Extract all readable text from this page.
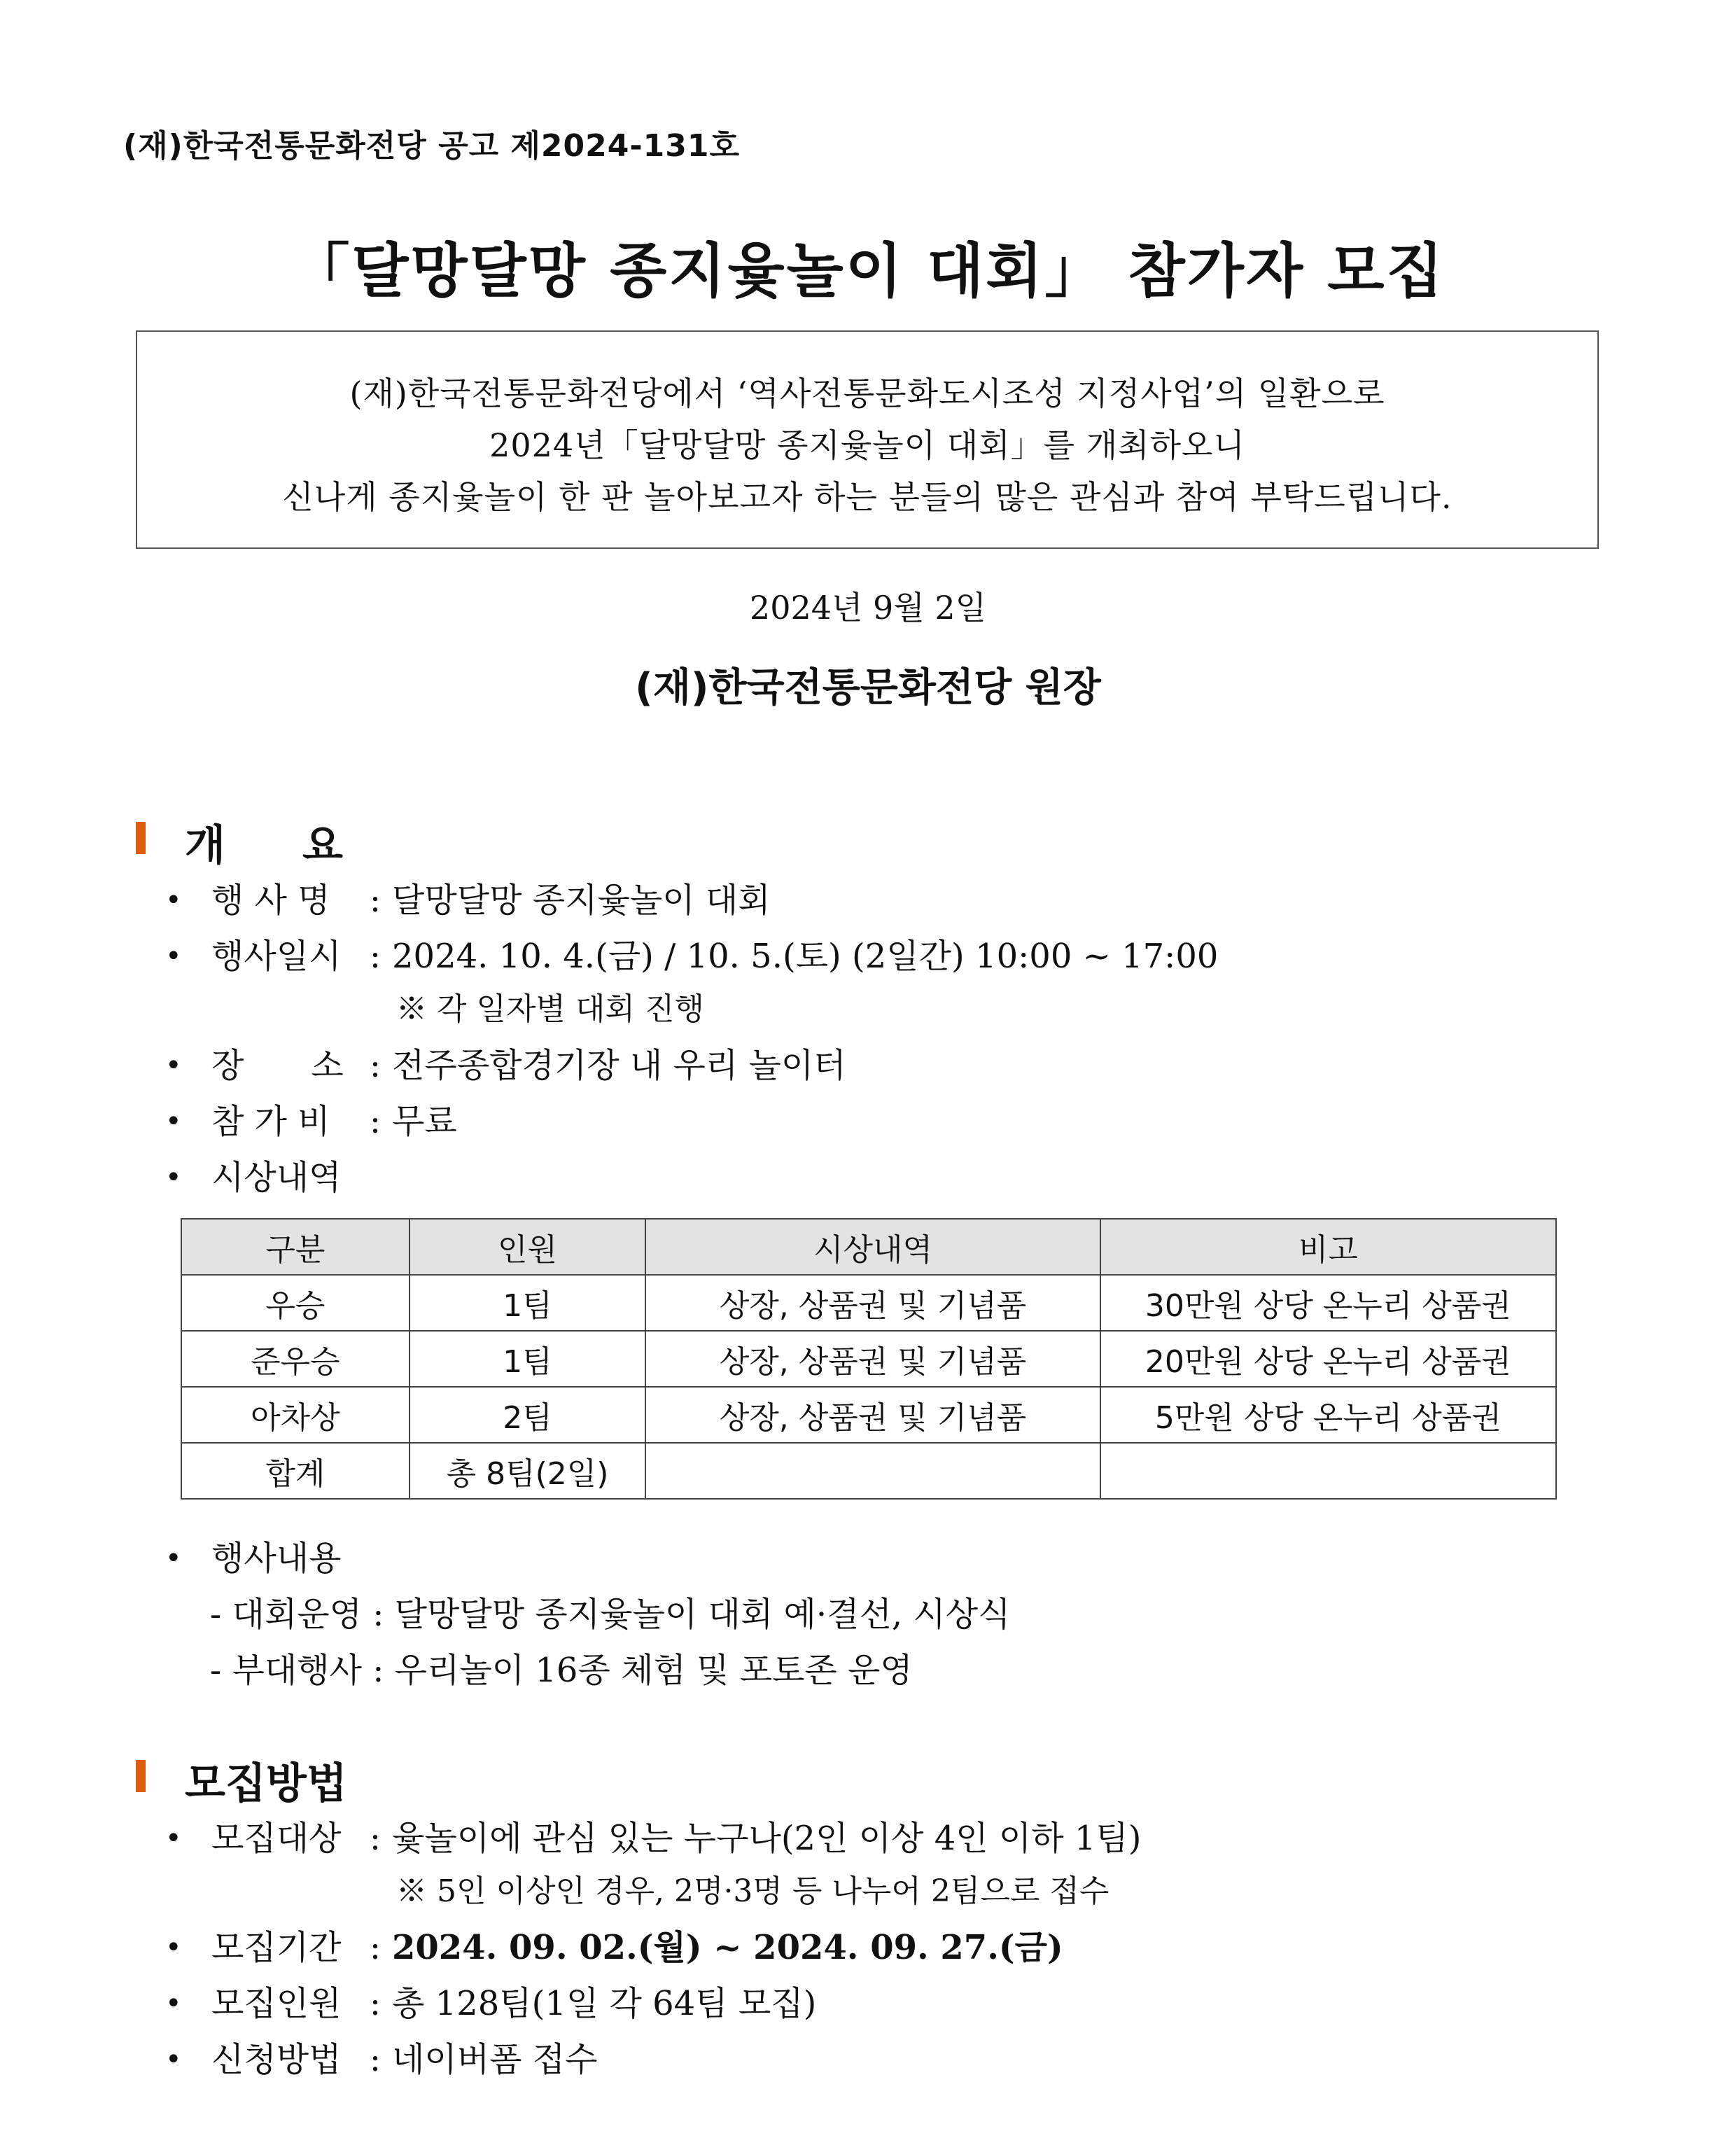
(재)한국전통문화전당 공고 제2024-131호
「달망달망 종지윷놀이 대회」 참가자 모집
(재)한국전통문화전당에서 ‘역사전통문화도시조성 지정사업’의 일환으로
2024년「달망달망 종지윷놀이 대회」를 개최하오니
신나게 종지윷놀이 한 판 놀아보고자 하는 분들의 많은 관심과 참여 부탁드립니다.
2024년 9월 2일
(재)한국전통문화전당 원장
개요
• 행 사 명 : 달망달망 종지윷놀이 대회
• 행사일시 : 2024. 10. 4.(금) / 10. 5.(토) (2일간) 10:00 ~ 17:00
※ 각 일자별 대회 진행
• 장　　소 : 전주종합경기장 내 우리 놀이터
• 참 가 비 : 무료
• 시상내역
구분	인원	시상내역	비고
우승	1팀	상장, 상품권 및 기념품	30만원 상당 온누리 상품권
준우승	1팀	상장, 상품권 및 기념품	20만원 상당 온누리 상품권
아차상	2팀	상장, 상품권 및 기념품	5만원 상당 온누리 상품권
합계	총 8팀(2일)		
• 행사내용
- 대회운영 : 달망달망 종지윷놀이 대회 예·결선, 시상식
- 부대행사 : 우리놀이 16종 체험 및 포토존 운영
모집방법
• 모집대상 : 윷놀이에 관심 있는 누구나(2인 이상 4인 이하 1팀)
※ 5인 이상인 경우, 2명·3명 등 나누어 2팀으로 접수
• 모집기간 : 2024. 09. 02.(월) ~ 2024. 09. 27.(금)
• 모집인원 : 총 128팀(1일 각 64팀 모집)
• 신청방법 : 네이버폼 접수
